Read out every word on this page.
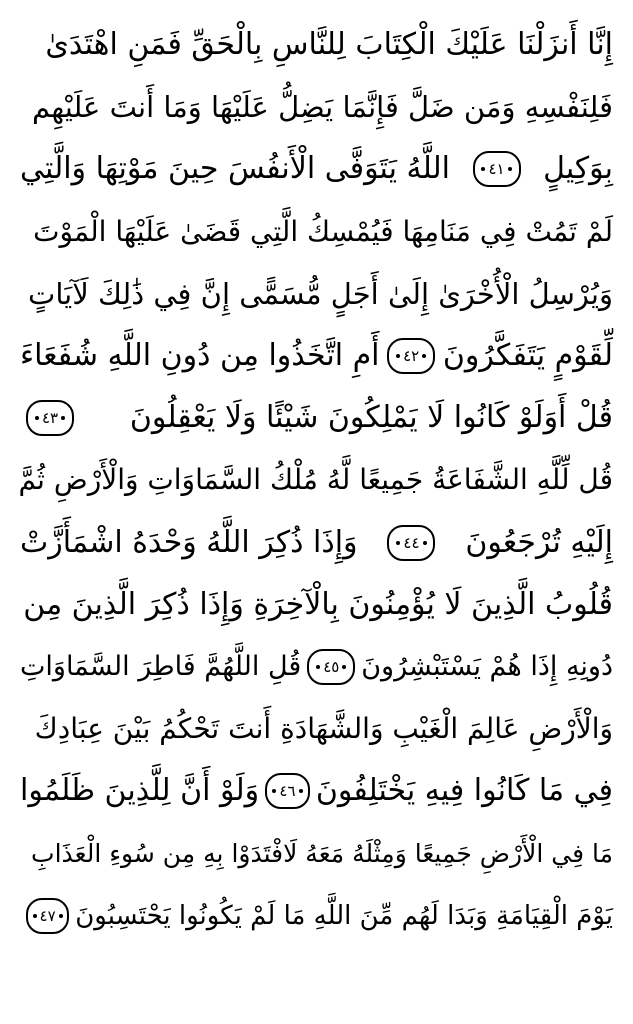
إِنَّا أَنزَلْنَا عَلَيْكَ الْكِتَابَ لِلنَّاسِ بِالْحَقِّ فَمَنِ اهْتَدَىٰ
فَلِنَفْسِهِ وَمَن ضَلَّ فَإِنَّمَا يَضِلُّ عَلَيْهَا وَمَا أَنتَ عَلَيْهِم
بِوَكِيلٍ
٤١
اللَّهُ يَتَوَفَّى الْأَنفُسَ حِينَ مَوْتِهَا وَالَّتِي
لَمْ تَمُتْ فِي مَنَامِهَا فَيُمْسِكُ الَّتِي قَضَىٰ عَلَيْهَا الْمَوْتَ
وَيُرْسِلُ الْأُخْرَىٰ إِلَىٰ أَجَلٍ مُّسَمًّى إِنَّ فِي ذَٰلِكَ لَآيَاتٍ
لِّقَوْمٍ يَتَفَكَّرُونَ
٤٢
أَمِ اتَّخَذُوا مِن دُونِ اللَّهِ شُفَعَاءَ
قُلْ أَوَلَوْ كَانُوا لَا يَمْلِكُونَ شَيْئًا وَلَا يَعْقِلُونَ
٤٣
قُل لِّلَّهِ الشَّفَاعَةُ جَمِيعًا لَّهُ مُلْكُ السَّمَاوَاتِ وَالْأَرْضِ ثُمَّ
إِلَيْهِ تُرْجَعُونَ
٤٤
وَإِذَا ذُكِرَ اللَّهُ وَحْدَهُ اشْمَأَزَّتْ
قُلُوبُ الَّذِينَ لَا يُؤْمِنُونَ بِالْآخِرَةِ وَإِذَا ذُكِرَ الَّذِينَ مِن
دُونِهِ إِذَا هُمْ يَسْتَبْشِرُونَ
٤٥
قُلِ اللَّهُمَّ فَاطِرَ السَّمَاوَاتِ
وَالْأَرْضِ عَالِمَ الْغَيْبِ وَالشَّهَادَةِ أَنتَ تَحْكُمُ بَيْنَ عِبَادِكَ
فِي مَا كَانُوا فِيهِ يَخْتَلِفُونَ
٤٦
وَلَوْ أَنَّ لِلَّذِينَ ظَلَمُوا
مَا فِي الْأَرْضِ جَمِيعًا وَمِثْلَهُ مَعَهُ لَافْتَدَوْا بِهِ مِن سُوءِ الْعَذَابِ
يَوْمَ الْقِيَامَةِ وَبَدَا لَهُم مِّنَ اللَّهِ مَا لَمْ يَكُونُوا يَحْتَسِبُونَ
٤٧
